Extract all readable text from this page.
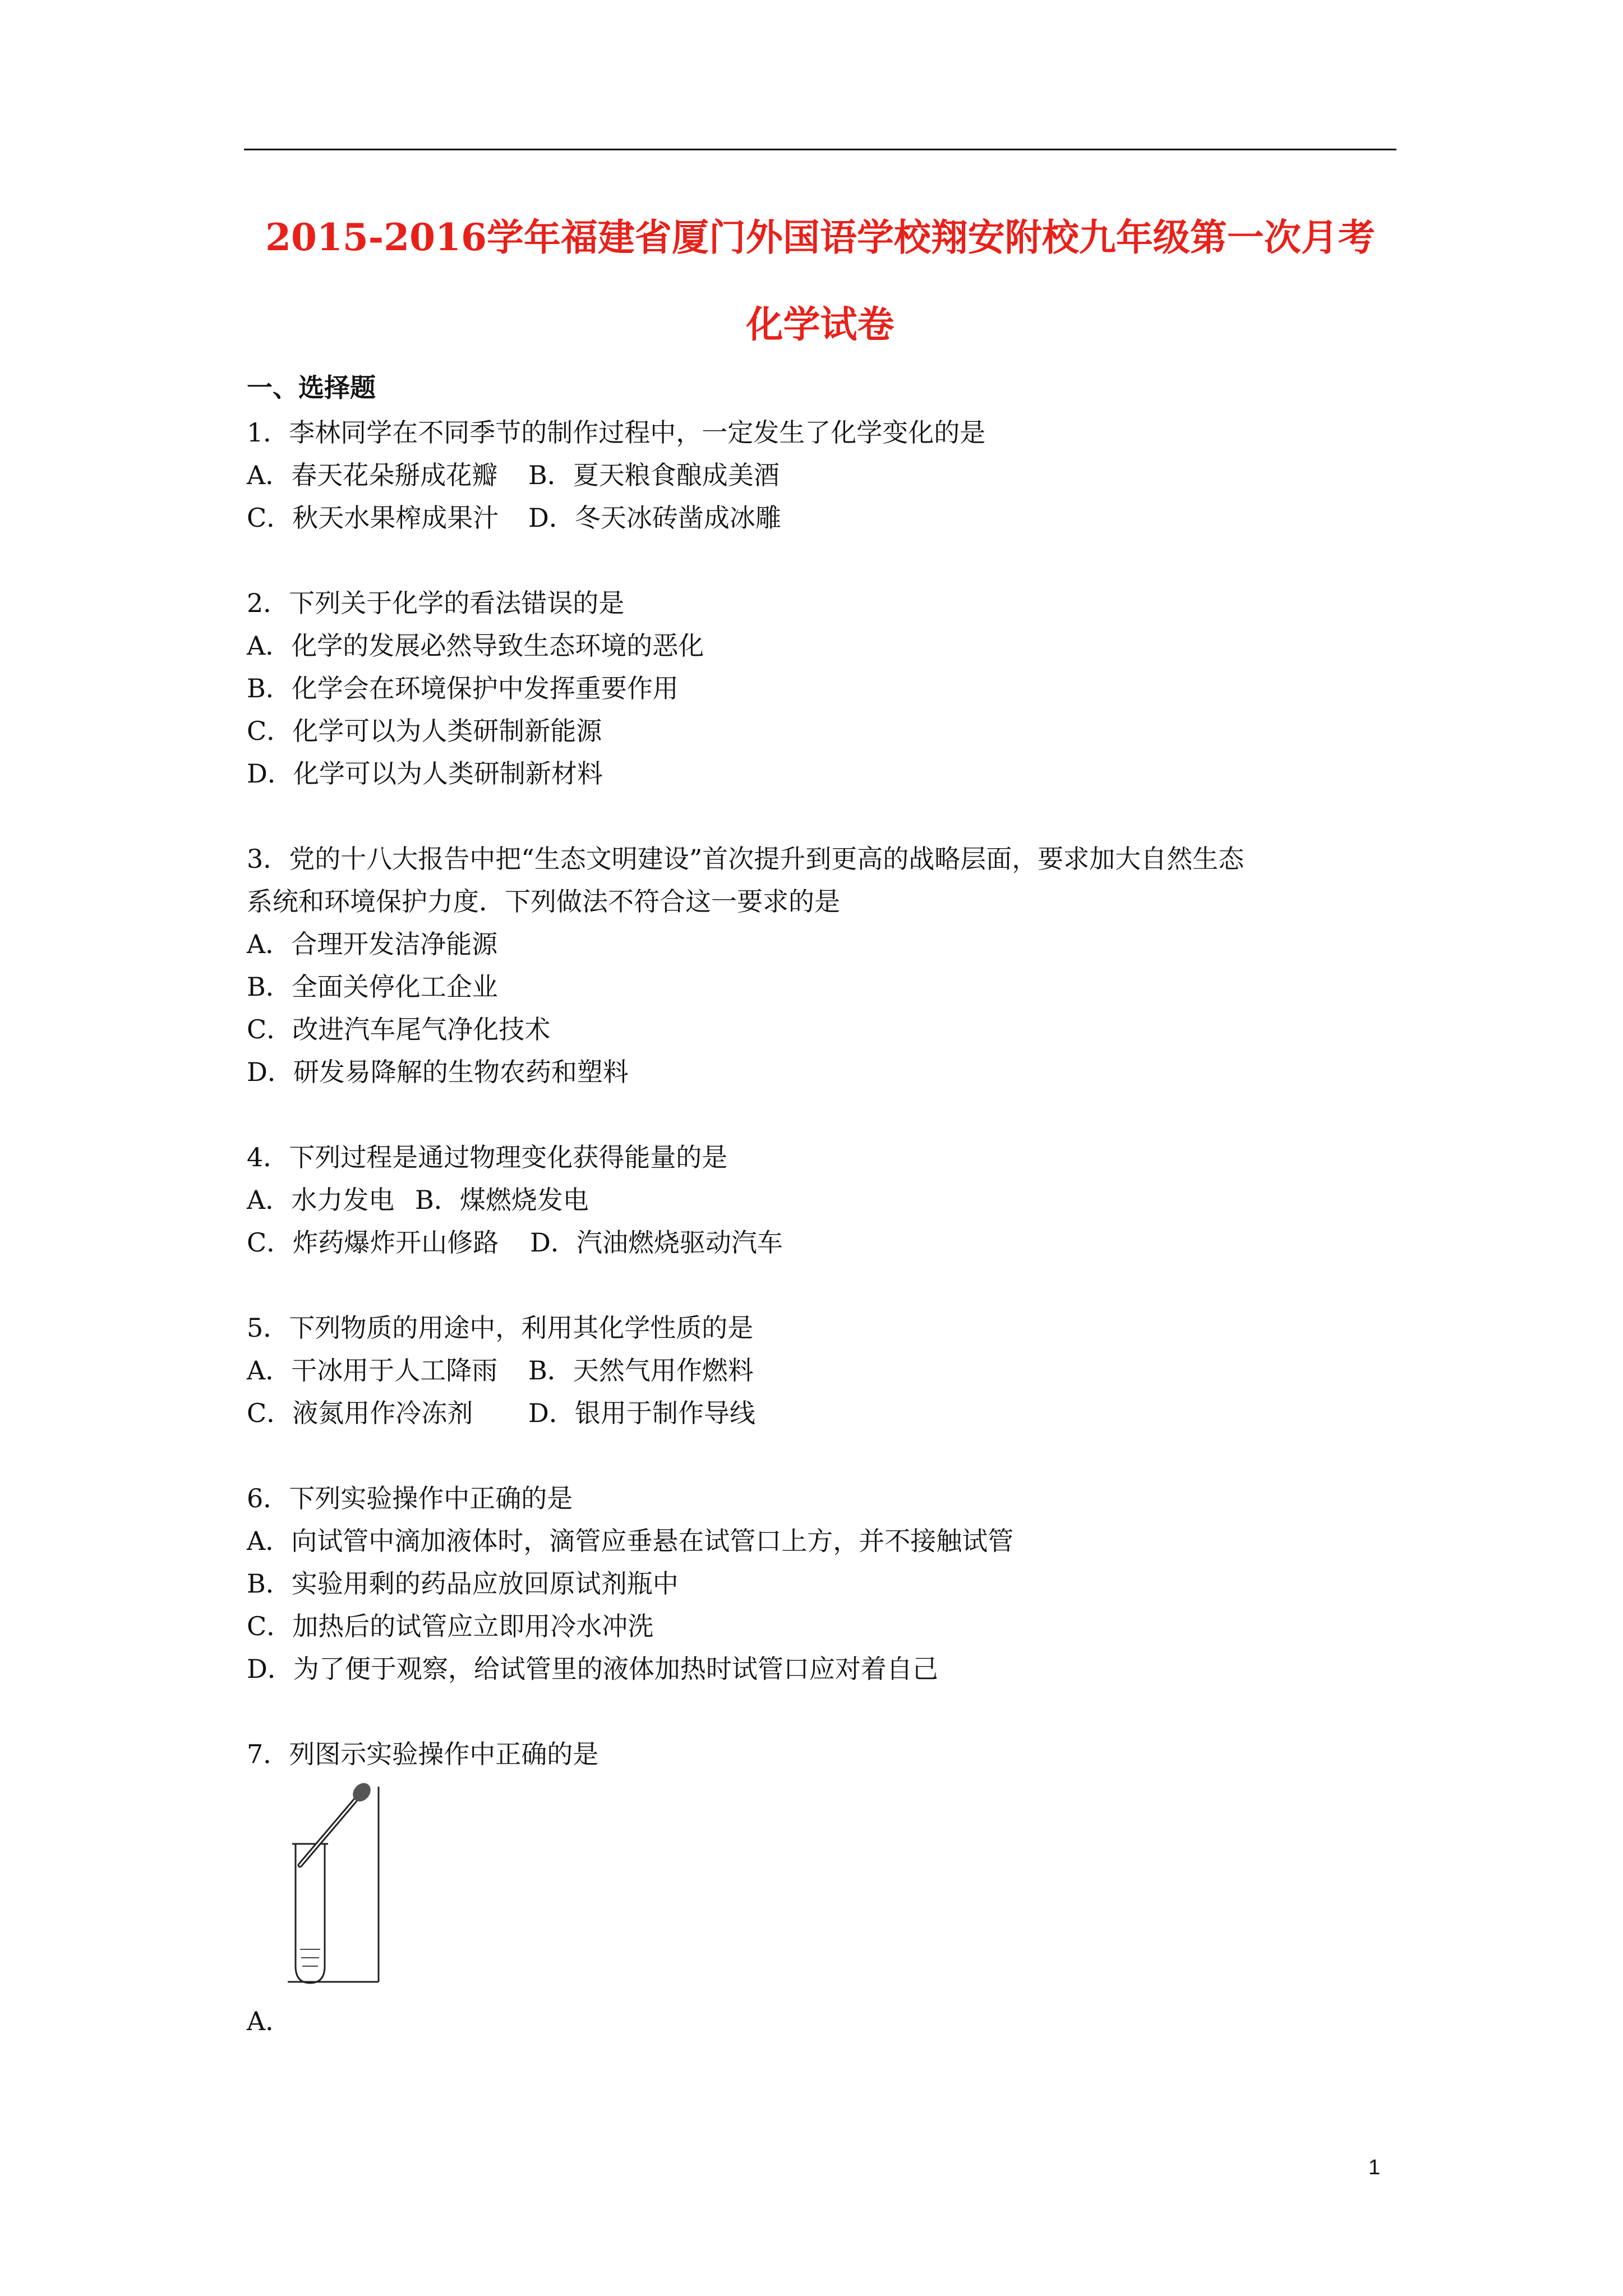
2015-2016学年福建省厦门外国语学校翔安附校九年级第一次月考
化学试卷
一、选择题
1．李林同学在不同季节的制作过程中，一定发生了化学变化的是
A．春天花朵掰成花瓣 B．夏天粮食酿成美酒
C．秋天水果榨成果汁 D．冬天冰砖凿成冰雕
2．下列关于化学的看法错误的是
A．化学的发展必然导致生态环境的恶化
B．化学会在环境保护中发挥重要作用
C．化学可以为人类研制新能源
D．化学可以为人类研制新材料
3．党的十八大报告中把“生态文明建设”首次提升到更高的战略层面，要求加大自然生态
系统和环境保护力度．下列做法不符合这一要求的是
A．合理开发洁净能源
B．全面关停化工企业
C．改进汽车尾气净化技术
D．研发易降解的生物农药和塑料
4．下列过程是通过物理变化获得能量的是
A．水力发电 B．煤燃烧发电
C．炸药爆炸开山修路 D．汽油燃烧驱动汽车
5．下列物质的用途中，利用其化学性质的是
A．干冰用于人工降雨 B．天然气用作燃料
C．液氮用作冷冻剂 D．银用于制作导线
6．下列实验操作中正确的是
A．向试管中滴加液体时，滴管应垂悬在试管口上方，并不接触试管
B．实验用剩的药品应放回原试剂瓶中
C．加热后的试管应立即用冷水冲洗
D．为了便于观察，给试管里的液体加热时试管口应对着自己
7．列图示实验操作中正确的是
A．
1
